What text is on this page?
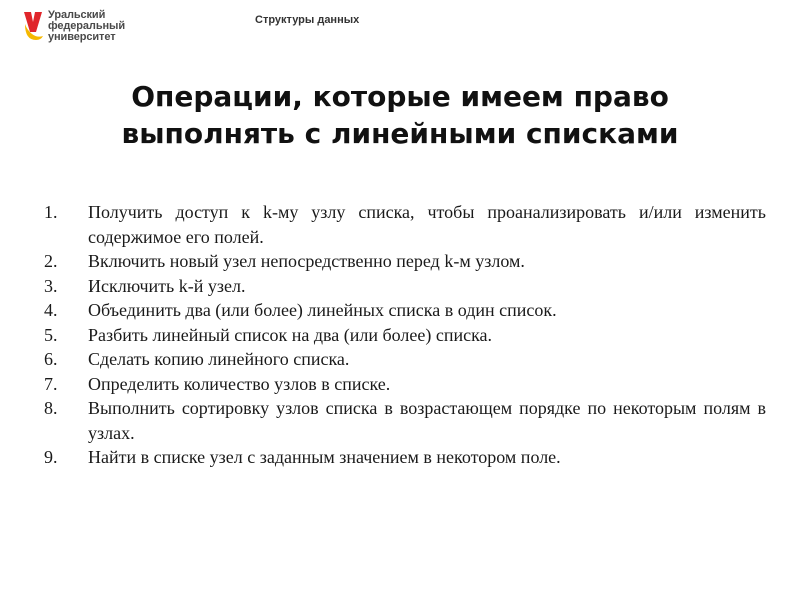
Уральский
федеральный
университет
Структуры данных
Операции, которые имеем право
выполнять с линейными списками
1.	Получить доступ к k-му узлу списка, чтобы проанализировать и/или изменить содержимое его полей.
2.	Включить новый узел непосредственно перед k-м узлом.
3.	Исключить k-й узел.
4.	Объединить два (или более) линейных списка в один список.
5.	Разбить линейный список на два (или более) списка.
6.	Сделать копию линейного списка.
7.	Определить количество узлов в списке.
8.	Выполнить сортировку узлов списка в возрастающем порядке по некоторым полям в узлах.
9.	Найти в списке узел с заданным значением в некотором поле.
